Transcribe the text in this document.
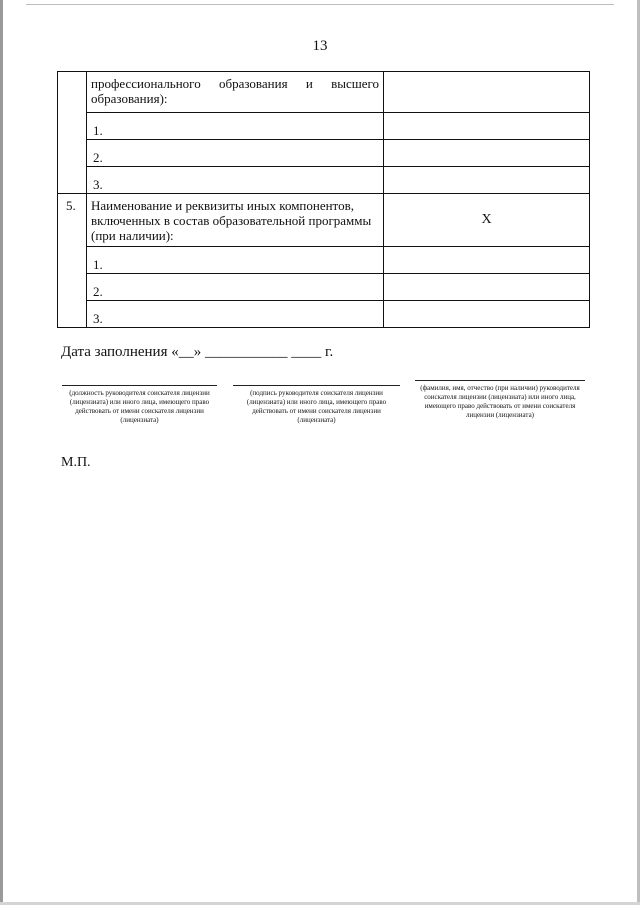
13

	профессионального образования и высшего образования):	

	1.	

	2.	

	3.	

5.	Наименование и реквизиты иных компонентов, включенных в состав образовательной программы (при наличии):	X

	1.	

	2.	

	3.	

Дата заполнения «__» ___________ ____ г.
(должность руководителя соискателя лицензии (лицензиата) или иного лица, имеющего право действовать от имени соискателя лицензии (лицензиата)
(подпись руководителя соискателя лицензии (лицензиата) или иного лица, имеющего право действовать от имени соискателя лицензии (лицензиата)
(фамилия, имя, отчество (при наличии) руководителя соискателя лицензии (лицензиата) или иного лица, имеющего право действовать от имени соискателя лицензии (лицензиата)
М.П.
